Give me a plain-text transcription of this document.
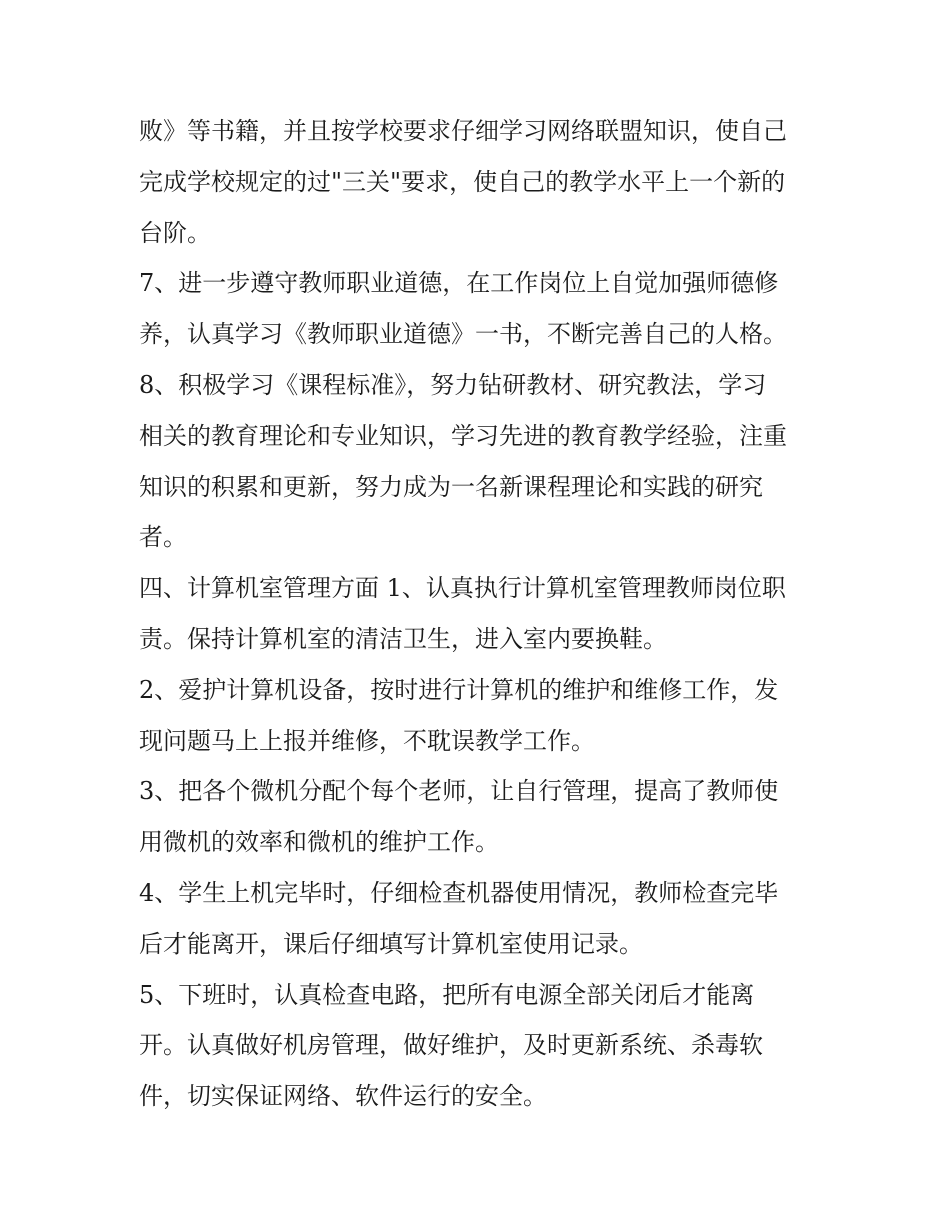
败》等书籍，并且按学校要求仔细学习网络联盟知识，使自己
完成学校规定的过"三关"要求，使自己的教学水平上一个新的
台阶。
7、进一步遵守教师职业道德，在工作岗位上自觉加强师德修
养，认真学习《教师职业道德》一书，不断完善自己的人格。
8、积极学习《课程标准》，努力钻研教材、研究教法，学习
相关的教育理论和专业知识，学习先进的教育教学经验，注重
知识的积累和更新，努力成为一名新课程理论和实践的研究
者。
四、计算机室管理方面 1、认真执行计算机室管理教师岗位职
责。保持计算机室的清洁卫生，进入室内要换鞋。
2、爱护计算机设备，按时进行计算机的维护和维修工作，发
现问题马上上报并维修，不耽误教学工作。
3、把各个微机分配个每个老师，让自行管理，提高了教师使
用微机的效率和微机的维护工作。
4、学生上机完毕时，仔细检查机器使用情况，教师检查完毕
后才能离开，课后仔细填写计算机室使用记录。
5、下班时，认真检查电路，把所有电源全部关闭后才能离
开。认真做好机房管理，做好维护，及时更新系统、杀毒软
件，切实保证网络、软件运行的安全。
